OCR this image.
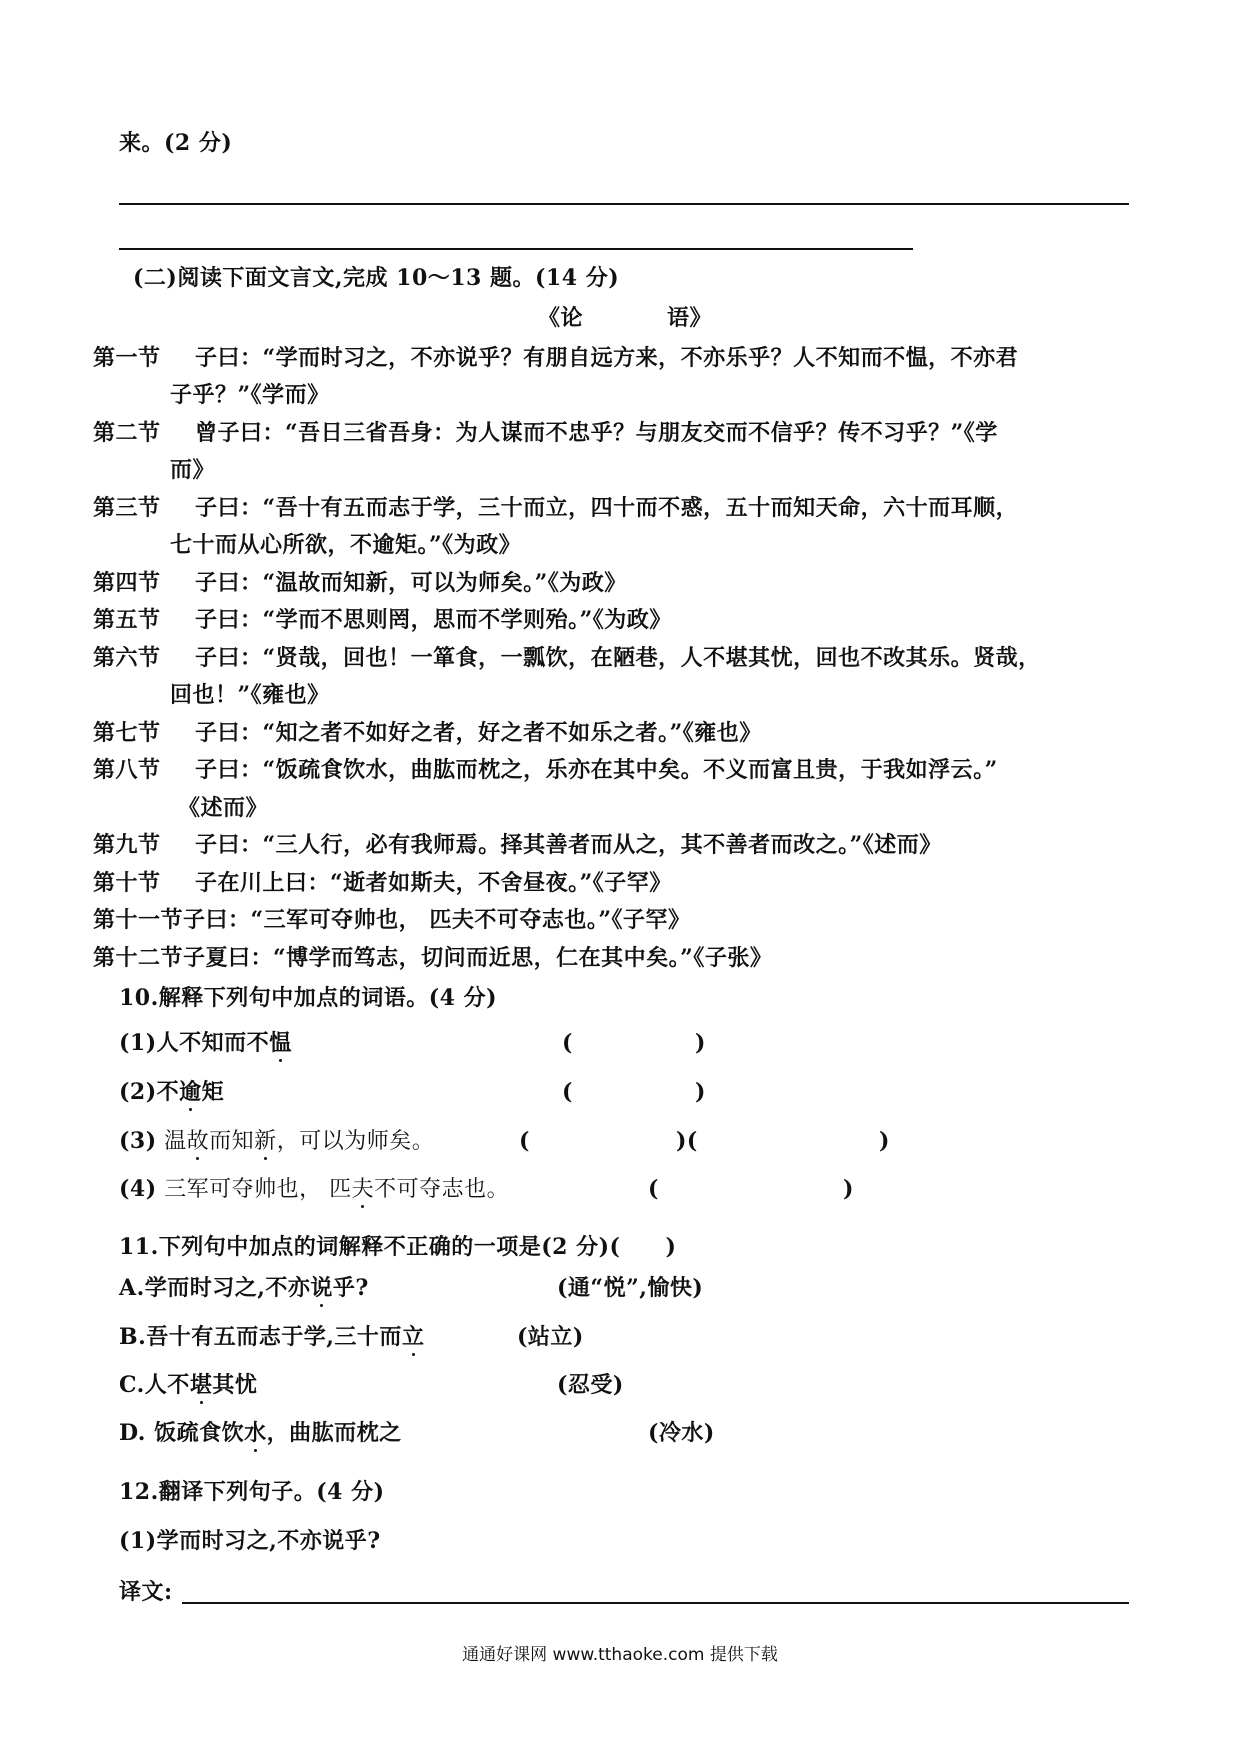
来。(2 分)
(二)阅读下面文言文,完成 10～13 题。(14 分)
《论	语》
第一节 子曰：“学而时习之，不亦说乎？有朋自远方来，不亦乐乎？人不知而不愠，不亦君
子乎？”《学而》
第二节 曾子曰：“吾日三省吾身：为人谋而不忠乎？与朋友交而不信乎？传不习乎？”《学
而》
第三节 子曰：“吾十有五而志于学，三十而立，四十而不惑，五十而知天命，六十而耳顺，
七十而从心所欲，不逾矩。”《为政》
第四节 子曰：“温故而知新，可以为师矣。”《为政》
第五节 子曰：“学而不思则罔，思而不学则殆。”《为政》
第六节 子曰：“贤哉，回也！一箪食，一瓢饮，在陋巷，人不堪其忧，回也不改其乐。贤哉，
回也！”《雍也》
第七节 子曰：“知之者不如好之者，好之者不如乐之者。”《雍也》
第八节 子曰：“饭疏食饮水，曲肱而枕之，乐亦在其中矣。不义而富且贵，于我如浮云。”
《述而》
第九节 子曰：“三人行，必有我师焉。择其善者而从之，其不善者而改之。”《述而》
第十节 子在川上曰：“逝者如斯夫，不舍昼夜。”《子罕》
第十一节子曰：“三军可夺帅也， 匹夫不可夺志也。”《子罕》
第十二节子夏曰：“博学而笃志，切问而近思，仁在其中矣。”《子张》
10.解释下列句中加点的词语。(4 分)
(1)人不知而不愠	(	)
(2)不逾矩	(	)
(3) 温故而知新，可以为师矣。	(	)(	)
(4) 三军可夺帅也， 匹夫不可夺志也。	(	)
11.下列句中加点的词解释不正确的一项是(2 分)(　　)
A.学而时习之,不亦说乎?	(通“悦”,愉快)
B.吾十有五而志于学,三十而立	(站立)
C.人不堪其忧	(忍受)
D. 饭疏食饮水，曲肱而枕之	(冷水)
12.翻译下列句子。(4 分)
(1)学而时习之,不亦说乎?
译文:
通通好课网 www.tthaoke.com 提供下载
